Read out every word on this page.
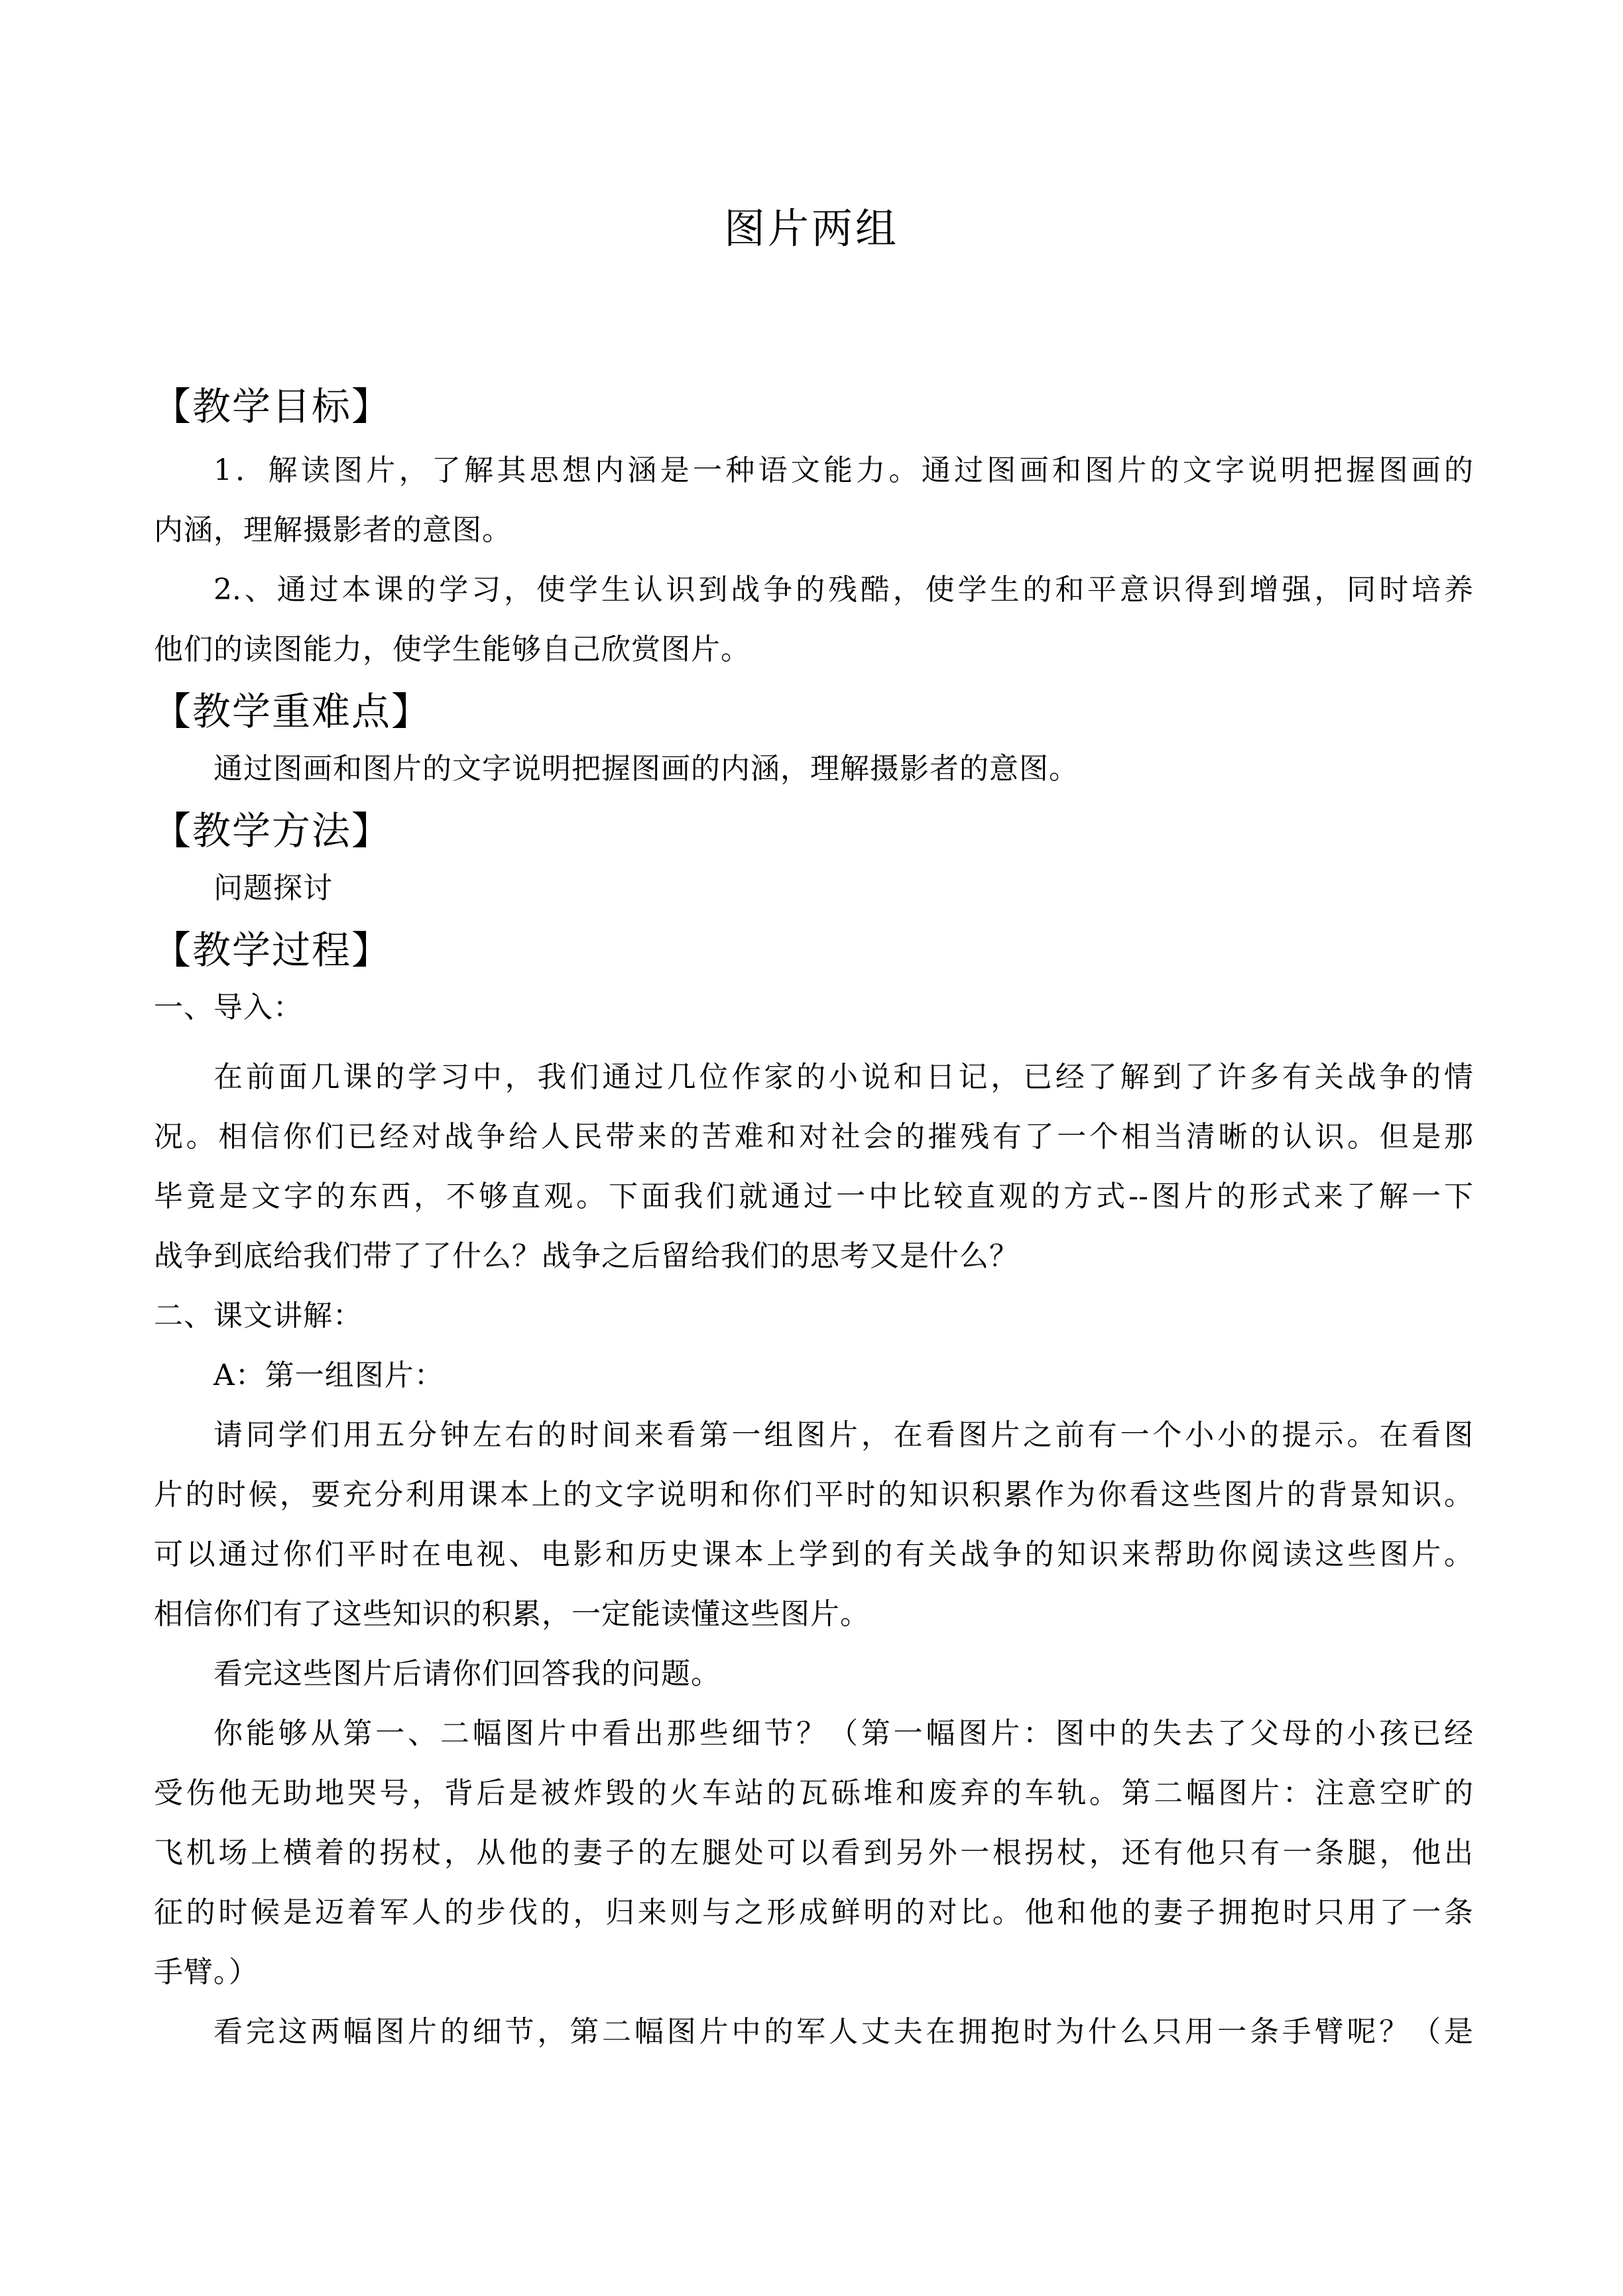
图片两组
【教学目标】
1．解读图片，了解其思想内涵是一种语文能力。通过图画和图片的文字说明把握图画的
内涵，理解摄影者的意图。
2.、通过本课的学习，使学生认识到战争的残酷，使学生的和平意识得到增强，同时培养
他们的读图能力，使学生能够自己欣赏图片。
【教学重难点】
通过图画和图片的文字说明把握图画的内涵，理解摄影者的意图。
【教学方法】
问题探讨
【教学过程】
一、导入：
在前面几课的学习中，我们通过几位作家的小说和日记，已经了解到了许多有关战争的情
况。相信你们已经对战争给人民带来的苦难和对社会的摧残有了一个相当清晰的认识。但是那
毕竟是文字的东西，不够直观。下面我们就通过一中比较直观的方式--图片的形式来了解一下
战争到底给我们带了了什么？战争之后留给我们的思考又是什么？
二、课文讲解：
A：第一组图片：
请同学们用五分钟左右的时间来看第一组图片，在看图片之前有一个小小的提示。在看图
片的时候，要充分利用课本上的文字说明和你们平时的知识积累作为你看这些图片的背景知识。
可以通过你们平时在电视、电影和历史课本上学到的有关战争的知识来帮助你阅读这些图片。
相信你们有了这些知识的积累，一定能读懂这些图片。
看完这些图片后请你们回答我的问题。
你能够从第一、二幅图片中看出那些细节？（第一幅图片：图中的失去了父母的小孩已经
受伤他无助地哭号，背后是被炸毁的火车站的瓦砾堆和废弃的车轨。第二幅图片：注意空旷的
飞机场上横着的拐杖，从他的妻子的左腿处可以看到另外一根拐杖，还有他只有一条腿，他出
征的时候是迈着军人的步伐的，归来则与之形成鲜明的对比。他和他的妻子拥抱时只用了一条
手臂。）
看完这两幅图片的细节，第二幅图片中的军人丈夫在拥抱时为什么只用一条手臂呢？（是
